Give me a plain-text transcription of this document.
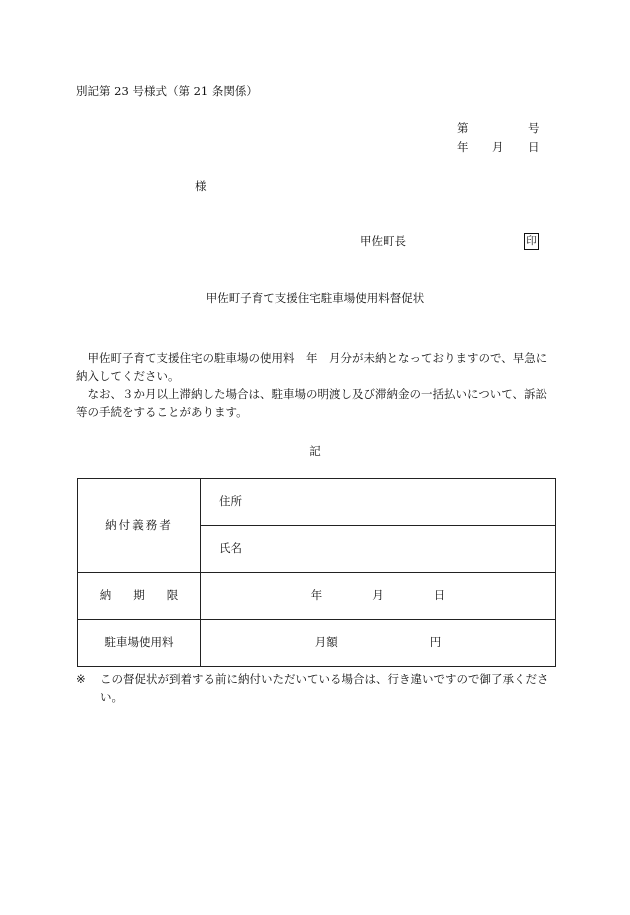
別記第 23 号様式（第 21 条関係）
第	号
年 月 日
様
甲佐町長	印
甲佐町子育て支援住宅駐車場使用料督促状

甲佐町子育て支援住宅の駐車場の使用料　年　月分が未納となっておりますので、早急に納入してください。

なお、３か月以上滞納した場合は、駐車場の明渡し及び滞納金の一括払いについて、訴訟等の手続をすることがあります。

記
納付義務者	住所
	氏名
納 期 限	年 月 日
駐車場使用料	月額 円
※	この督促状が到着する前に納付いただいている場合は、行き違いですので御了承ください。
